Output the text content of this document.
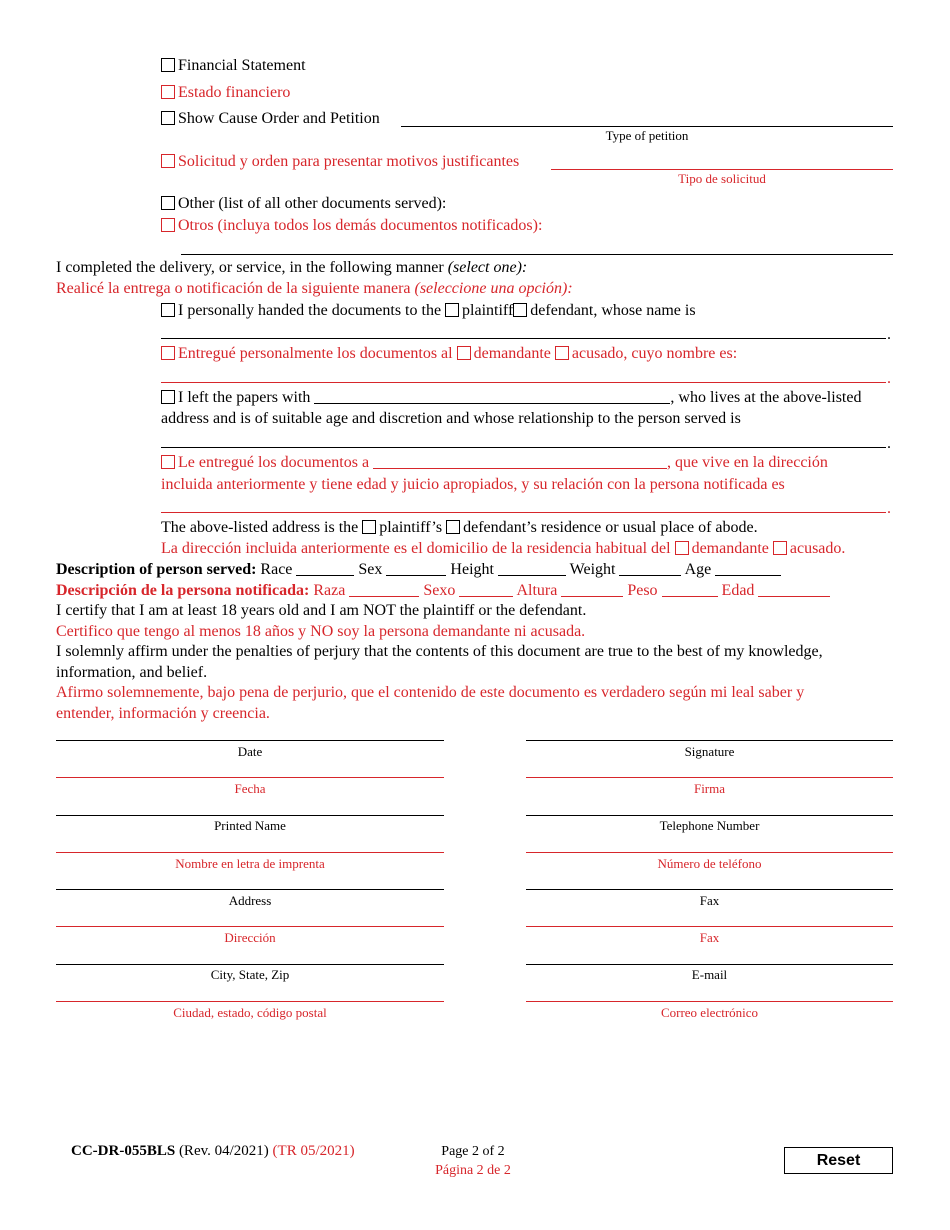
Financial Statement
Estado financiero
Show Cause Order and Petition
Type of petition
Solicitud y orden para presentar motivos justificantes
Tipo de solicitud
Other (list of all other documents served):
Otros (incluya todos los demás documentos notificados):
I completed the delivery, or service, in the following manner (select one):
Realicé la entrega o notificación de la siguiente manera (seleccione una opción):
I personally handed the documents to the plaintiff defendant, whose name is
.
Entregué personalmente los documentos al demandante acusado, cuyo nombre es:
.
I left the papers with	, who lives at the above-listed
address and is of suitable age and discretion and whose relationship to the person served is
.
Le entregué los documentos a	, que vive en la dirección
incluida anteriormente y tiene edad y juicio apropiados, y su relación con la persona notificada es
.
The above-listed address is the plaintiff’s defendant’s residence or usual place of abode.
La dirección incluida anteriormente es el domicilio de la residencia habitual del demandante acusado.
Description of person served: Race	Sex	Height	Weight	Age
Descripción de la persona notificada: Raza	Sexo	Altura	Peso	Edad
I certify that I am at least 18 years old and I am NOT the plaintiff or the defendant.
Certifico que tengo al menos 18 años y NO soy la persona demandante ni acusada.
I solemnly affirm under the penalties of perjury that the contents of this document are true to the best of my knowledge,
information, and belief.
Afirmo solemnemente, bajo pena de perjurio, que el contenido de este documento es verdadero según mi leal saber y
entender, información y creencia.
Date
Fecha
Printed Name
Nombre en letra de imprenta
Address
Dirección
City, State, Zip
Ciudad, estado, código postal
Signature
Firma
Telephone Number
Número de teléfono
Fax
Fax
E-mail
Correo electrónico
CC-DR-055BLS (Rev. 04/2021) (TR 05/2021)	Page 2 of 2
Página 2 de 2
Reset
